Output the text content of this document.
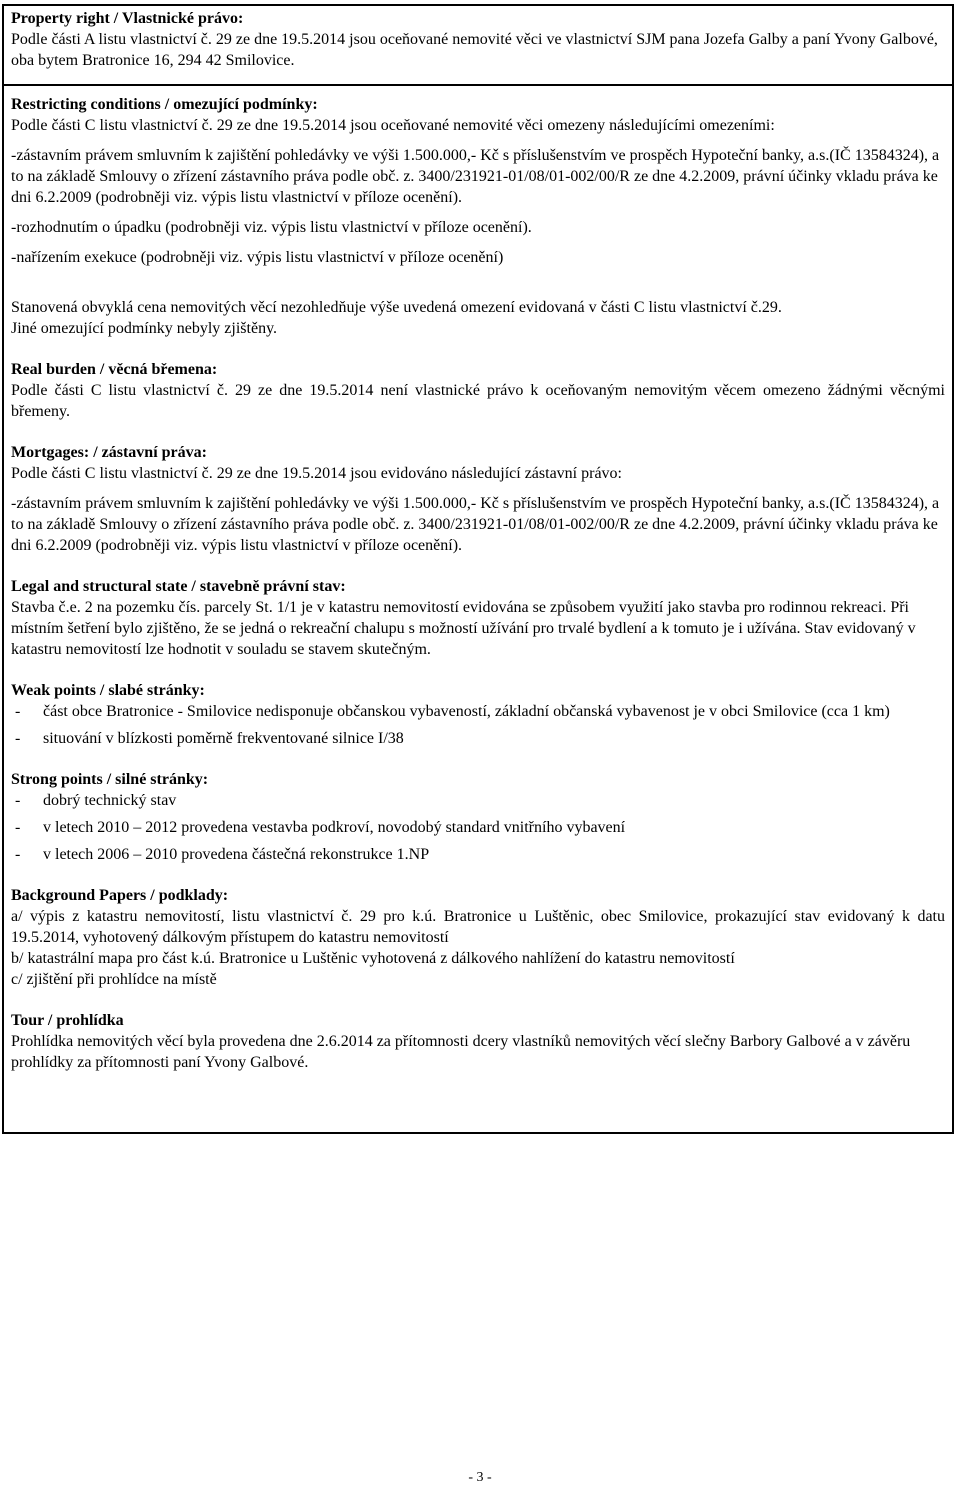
Property right / Vlastnické právo:

Podle části A listu vlastnictví č. 29 ze dne 19.5.2014 jsou oceňované nemovité věci ve vlastnictví SJM pana Jozefa Galby a paní Yvony Galbové, oba bytem Bratronice 16, 294 42 Smilovice.

Restricting conditions / omezující podmínky:

Podle části C listu vlastnictví č. 29 ze dne 19.5.2014 jsou oceňované nemovité věci omezeny následujícími omezeními:

-zástavním právem smluvním k zajištění pohledávky ve výši 1.500.000,- Kč s příslušenstvím ve prospěch Hypoteční banky, a.s.(IČ 13584324), a to na základě Smlouvy o zřízení zástavního práva podle obč. z. 3400/231921-01/08/01-002/00/R ze dne 4.2.2009, právní účinky vkladu práva ke dni 6.2.2009 (podrobněji viz. výpis listu vlastnictví v příloze ocenění).

-rozhodnutím o úpadku (podrobněji viz. výpis listu vlastnictví v příloze ocenění).

-nařízením exekuce (podrobněji viz. výpis listu vlastnictví v příloze ocenění)

Stanovená obvyklá cena nemovitých věcí nezohledňuje výše uvedená omezení evidovaná v části C listu vlastnictví č.29.

Jiné omezující podmínky nebyly zjištěny.

Real burden / věcná břemena:

Podle části C listu vlastnictví č. 29 ze dne 19.5.2014 není vlastnické právo k oceňovaným nemovitým věcem omezeno žádnými věcnými břemeny.

Mortgages: / zástavní práva:

Podle části C listu vlastnictví č. 29 ze dne 19.5.2014 jsou evidováno následující zástavní právo:

-zástavním právem smluvním k zajištění pohledávky ve výši 1.500.000,- Kč s příslušenstvím ve prospěch Hypoteční banky, a.s.(IČ 13584324), a to na základě Smlouvy o zřízení zástavního práva podle obč. z. 3400/231921-01/08/01-002/00/R ze dne 4.2.2009, právní účinky vkladu práva ke dni 6.2.2009 (podrobněji viz. výpis listu vlastnictví v příloze ocenění).

Legal and structural state / stavebně právní stav:

Stavba č.e. 2 na pozemku čís. parcely St. 1/1 je v katastru nemovitostí evidována se způsobem využití jako stavba pro rodinnou rekreaci. Při místním šetření bylo zjištěno, že se jedná o rekreační chalupu s možností užívání pro trvalé bydlení a k tomuto je i užívána. Stav evidovaný v katastru nemovitostí lze hodnotit v souladu se stavem skutečným.

Weak points / slabé stránky:
-	část obce Bratronice - Smilovice nedisponuje občanskou vybaveností, základní občanská vybavenost je v obci Smilovice (cca 1 km)
-	situování v blízkosti poměrně frekventované silnice I/38
Strong points / silné stránky:
-	dobrý technický stav
-	v letech 2010 – 2012 provedena vestavba podkroví, novodobý standard vnitřního vybavení
-	v letech 2006 – 2010 provedena částečná rekonstrukce 1.NP
Background Papers / podklady:

a/ výpis z katastru nemovitostí, listu vlastnictví č. 29 pro k.ú. Bratronice u Luštěnic, obec Smilovice, prokazující stav evidovaný k datu 19.5.2014, vyhotovený dálkovým přístupem do katastru nemovitostí

b/ katastrální mapa pro část k.ú. Bratronice u Luštěnic vyhotovená z dálkového nahlížení do katastru nemovitostí

c/ zjištění při prohlídce na místě

Tour / prohlídka

Prohlídka nemovitých věcí byla provedena dne 2.6.2014 za přítomnosti dcery vlastníků nemovitých věcí slečny Barbory Galbové a v závěru prohlídky za přítomnosti paní Yvony Galbové.

- 3 -
